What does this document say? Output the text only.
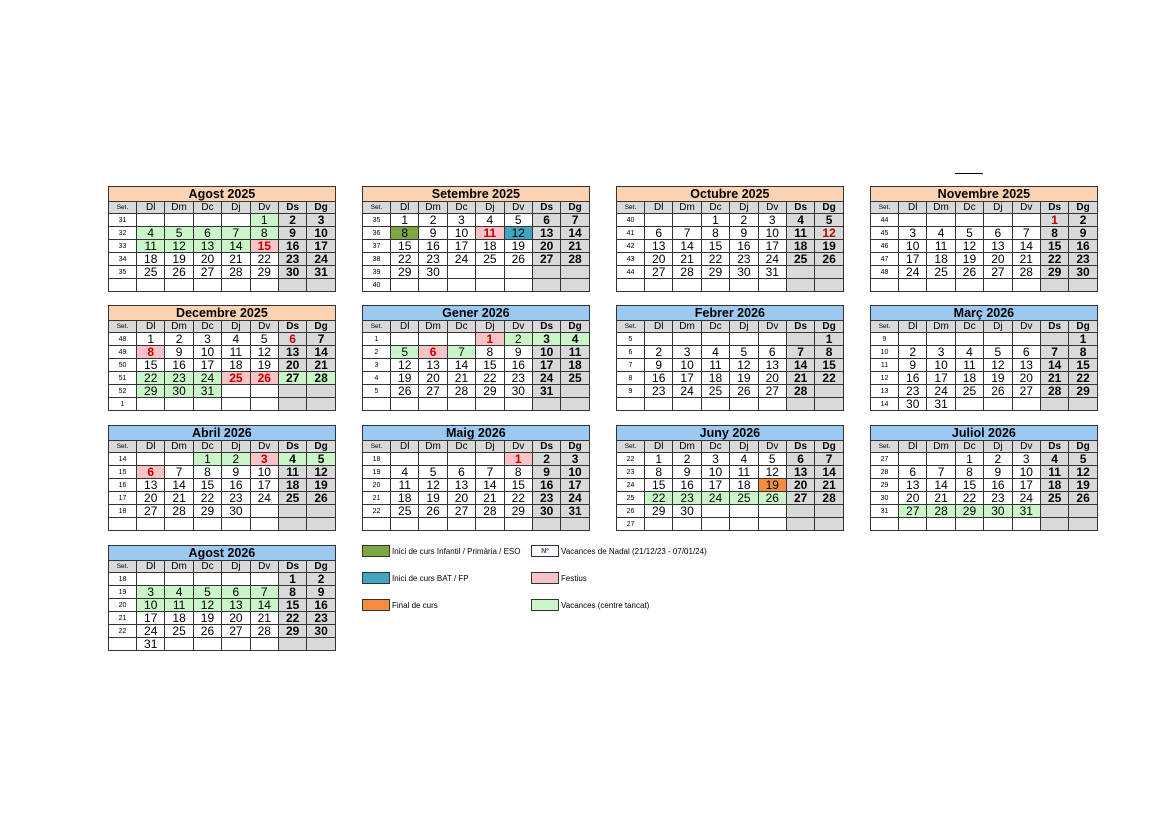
Agost 2025							
Set.	Dl	Dm	Dc	Dj	Dv	Ds	Dg
31					1	2	3
32	4	5	6	7	8	9	10
33	11	12	13	14	15	16	17
34	18	19	20	21	22	23	24
35	25	26	27	28	29	30	31

Setembre 2025							
Set.	Dl	Dm	Dc	Dj	Dv	Ds	Dg
35	1	2	3	4	5	6	7
36	8	9	10	11	12	13	14
37	15	16	17	18	19	20	21
38	22	23	24	25	26	27	28
39	29	30					
40							
Octubre 2025							
Set.	Dl	Dm	Dc	Dj	Dv	Ds	Dg
40			1	2	3	4	5
41	6	7	8	9	10	11	12
42	13	14	15	16	17	18	19
43	20	21	22	23	24	25	26
44	27	28	29	30	31		

Novembre 2025							
Set.	Dl	Dm	Dc	Dj	Dv	Ds	Dg
44						1	2
45	3	4	5	6	7	8	9
46	10	11	12	13	14	15	16
47	17	18	19	20	21	22	23
48	24	25	26	27	28	29	30

Decembre 2025							
Set.	Dl	Dm	Dc	Dj	Dv	Ds	Dg
48	1	2	3	4	5	6	7
49	8	9	10	11	12	13	14
50	15	16	17	18	19	20	21
51	22	23	24	25	26	27	28
52	29	30	31				
1							
Gener 2026							
Set.	Dl	Dm	Dc	Dj	Dv	Ds	Dg
1				1	2	3	4
2	5	6	7	8	9	10	11
3	12	13	14	15	16	17	18
4	19	20	21	22	23	24	25
5	26	27	28	29	30	31	

Febrer 2026							
Set.	Dl	Dm	Dc	Dj	Dv	Ds	Dg
5							1
6	2	3	4	5	6	7	8
7	9	10	11	12	13	14	15
8	16	17	18	19	20	21	22
9	23	24	25	26	27	28	

Març 2026							
Set.	Dl	Dm	Dc	Dj	Dv	Ds	Dg
9							1
10	2	3	4	5	6	7	8
11	9	10	11	12	13	14	15
12	16	17	18	19	20	21	22
13	23	24	25	26	27	28	29
14	30	31					
Abril 2026							
Set.	Dl	Dm	Dc	Dj	Dv	Ds	Dg
14			1	2	3	4	5
15	6	7	8	9	10	11	12
16	13	14	15	16	17	18	19
17	20	21	22	23	24	25	26
18	27	28	29	30			

Maig 2026							
Set.	Dl	Dm	Dc	Dj	Dv	Ds	Dg
18					1	2	3
19	4	5	6	7	8	9	10
20	11	12	13	14	15	16	17
21	18	19	20	21	22	23	24
22	25	26	27	28	29	30	31

Juny 2026							
Set.	Dl	Dm	Dc	Dj	Dv	Ds	Dg
22	1	2	3	4	5	6	7
23	8	9	10	11	12	13	14
24	15	16	17	18	19	20	21
25	22	23	24	25	26	27	28
26	29	30					
27							
Juliol 2026							
Set.	Dl	Dm	Dc	Dj	Dv	Ds	Dg
27			1	2	3	4	5
28	6	7	8	9	10	11	12
29	13	14	15	16	17	18	19
30	20	21	22	23	24	25	26
31	27	28	29	30	31		

Agost 2026							
Set.	Dl	Dm	Dc	Dj	Dv	Ds	Dg
18						1	2
19	3	4	5	6	7	8	9
20	10	11	12	13	14	15	16
21	17	18	19	20	21	22	23
22	24	25	26	27	28	29	30
	31						
Inici de curs Infantil / Primària / ESO
Inici de curs BAT / FP
Final de curs
Nº	Vacances de Nadal (21/12/23 - 07/01/24)
Festius
Vacances (centre tancat)
